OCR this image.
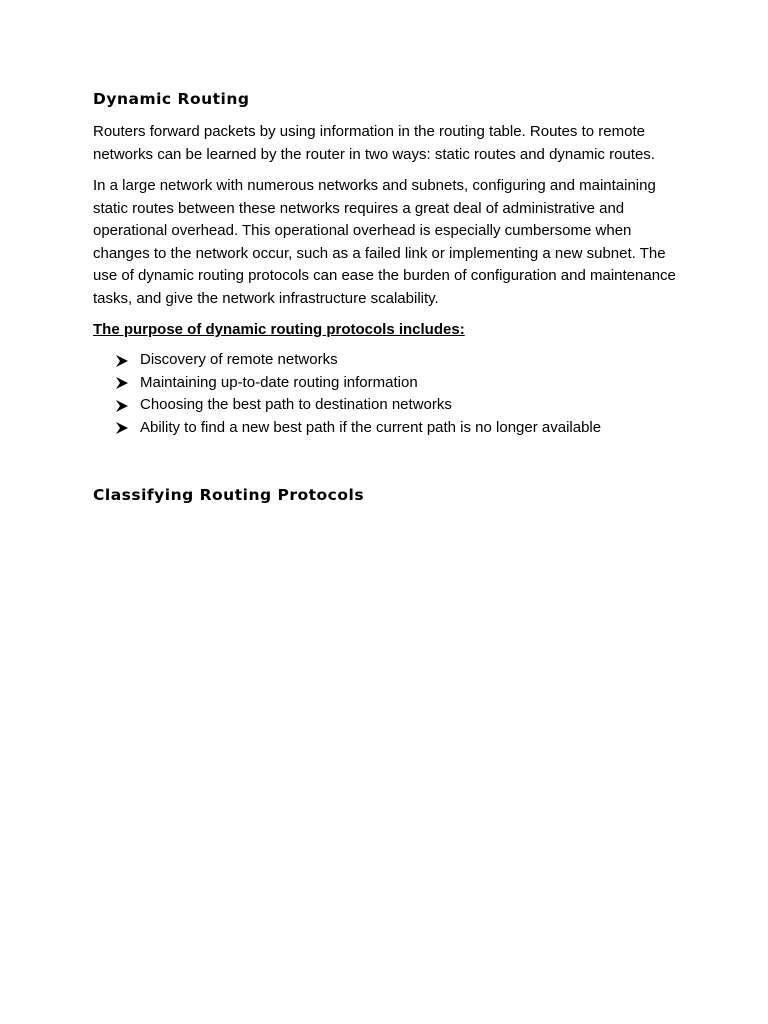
Dynamic Routing

Routers forward packets by using information in the routing table. Routes to remote networks can be learned by the router in two ways: static routes and dynamic routes.

In a large network with numerous networks and subnets, configuring and maintaining static routes between these networks requires a great deal of administrative and operational overhead. This operational overhead is especially cumbersome when changes to the network occur, such as a failed link or implementing a new subnet. The use of dynamic routing protocols can ease the burden of configuration and maintenance tasks, and give the network infrastructure scalability.

The purpose of dynamic routing protocols includes:
Discovery of remote networks
Maintaining up-to-date routing information
Choosing the best path to destination networks
Ability to find a new best path if the current path is no longer available
Classifying Routing Protocols
